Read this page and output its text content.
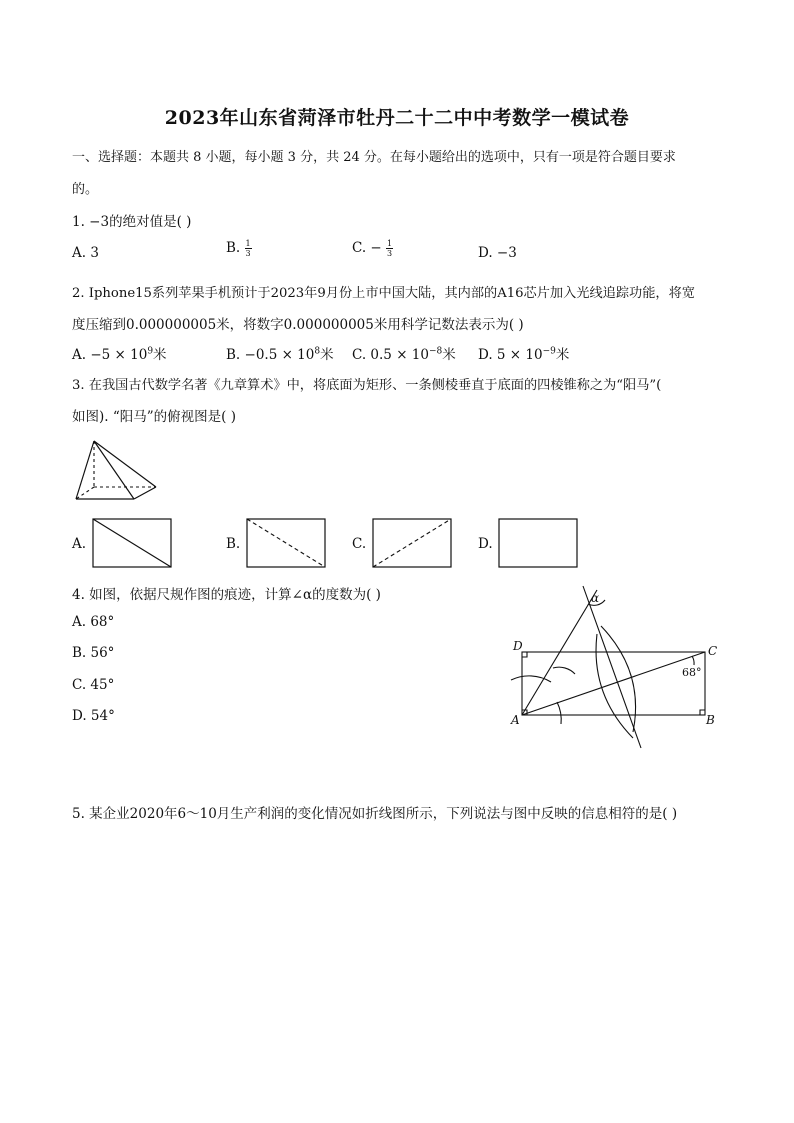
2023年山东省菏泽市牡丹二十二中中考数学一模试卷
一、选择题：本题共 8 小题，每小题 3 分，共 24 分。在每小题给出的选项中，只有一项是符合题目要求
的。
1. −3的绝对值是( )
A. 3	B. $\frac{1}{3}$	C. − $\frac{1}{3}$	D. −3
2. Iphone15系列苹果手机预计于2023年9月份上市中国大陆，其内部的A16芯片加入光线追踪功能，将宽
度压缩到0.000000005米，将数字0.000000005米用科学记数法表示为( )
A. $-5 \times 10^9$米	B. $-0.5 \times 10^8$米 C. $0.5 \times 10^{-8}$米 D. $5 \times 10^{-9}$米
3. 在我国古代数学名著《九章算术》中，将底面为矩形、一条侧棱垂直于底面的四棱锥称之为“阳马”(
如图). “阳马”的俯视图是( )
A.	B.	C.	D.
4. 如图，依据尺规作图的痕迹，计算∠α的度数为( )
A. 68°
B. 56°
C. 45°
D. 54°
α
D	C
A	B
68°
5. 某企业2020年6～10月生产利润的变化情况如折线图所示，下列说法与图中反映的信息相符的是( )
